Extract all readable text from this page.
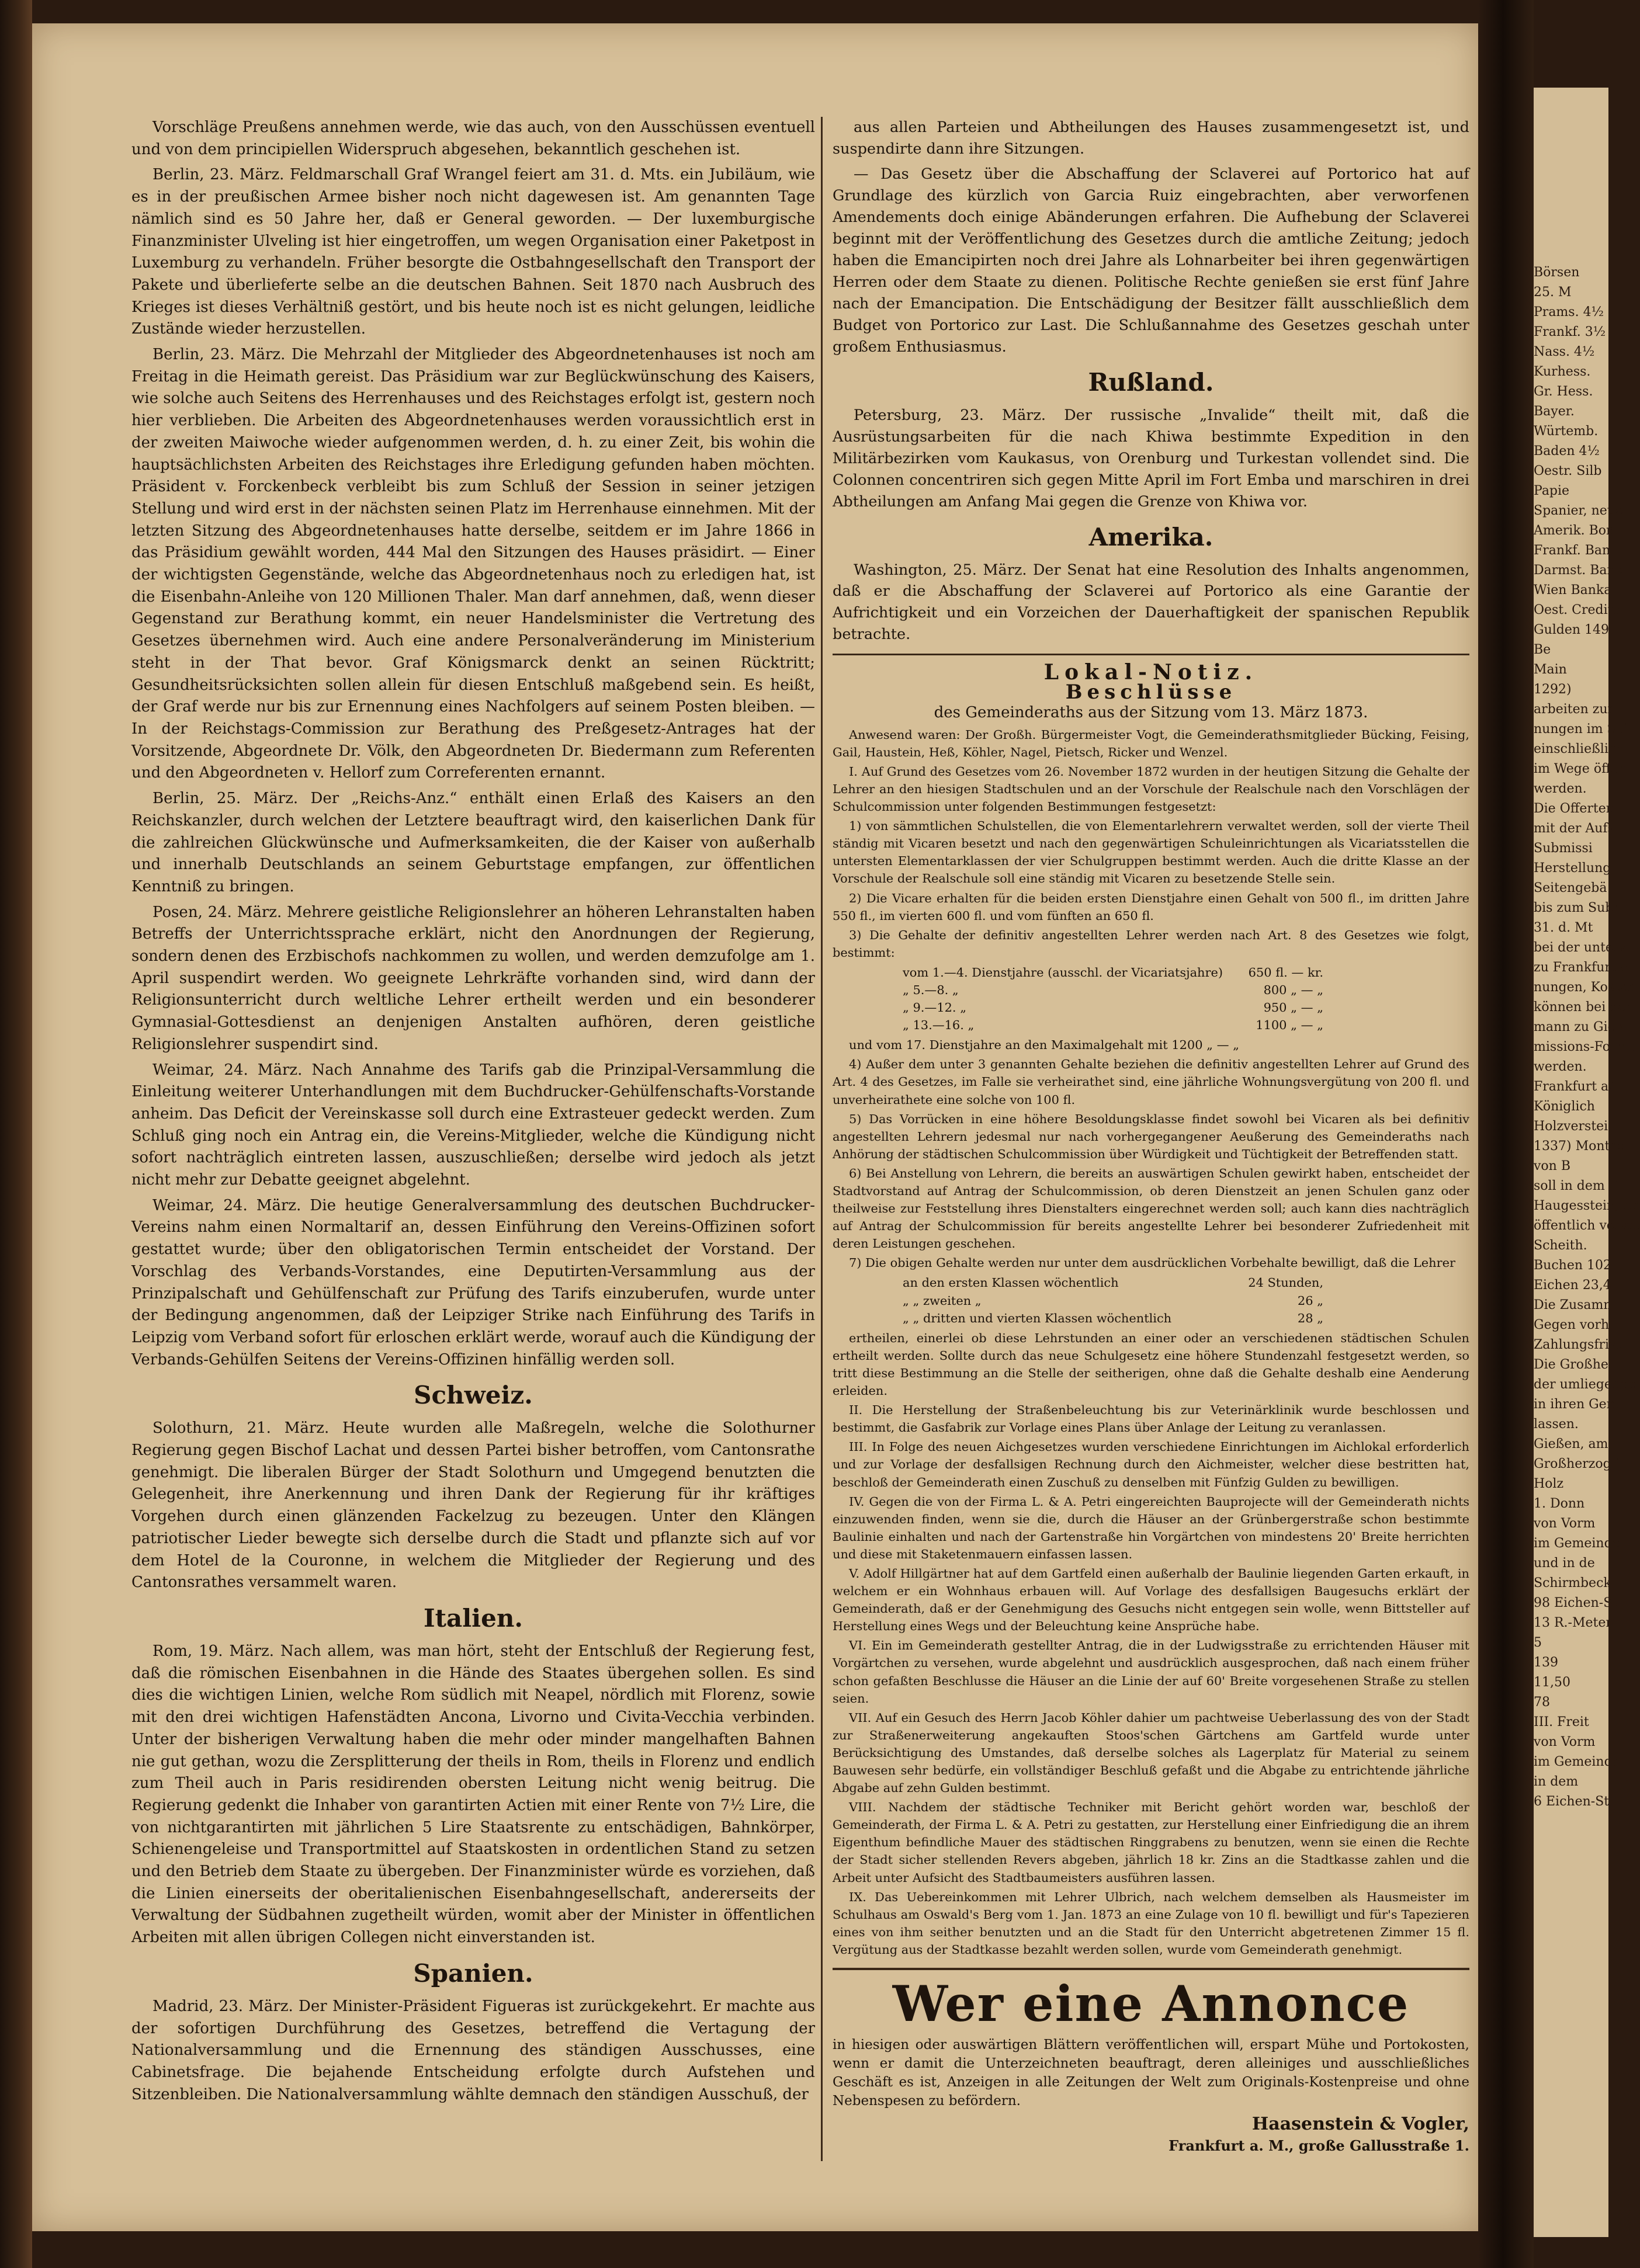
Börsen
25. M
Prams. 4½
Frankf. 3½
Nass. 4½
Kurhess.
Gr. Hess.
Bayer.
Würtemb.
Baden 4½
Oestr. Silb
Papie
Spanier, neue
Amerik. Bon
Frankf. Ban
Darmst. Bank
Wien Banka
Oest. Credita
Gulden 149
Be
Main
1292)
arbeiten zur
nungen im Sei
einschließlich
im Wege öffen
werden.
Die Offerten
mit der Aufs
Submissi
Herstellung
Seitengebä
bis zum Subm
31. d. Mt
bei der unterz
zu Frankfurt a
nungen, Kosten
können bei dem
mann zu Gieß
missions-Formu
werden.
Frankfurt a/
Königlich
Holzverstei
1337) Montag
von B
soll in dem G
Haugesstein, no
öffentlich verste
Scheith.
Buchen 102
Eichen 23,4
Die Zusamm
Gegen vorh
Zahlungsfrist
Die Großhe
der umliegende
in ihren Gem
lassen.
Gießen, am
Großherzogli
Holz
1. Donn
von Vorm
im Gemeinde
und in de
Schirmbeck
98 Eichen-St
13 R.-Meter
5
139
11,50
78
III. Freit
von Vorm
im Gemeinde
in dem
6 Eichen-St

Vorschläge Preußens annehmen werde, wie das auch, von den Ausschüssen eventuell und von dem principiellen Widerspruch abgesehen, bekanntlich geschehen ist.

Berlin, 23. März. Feldmarschall Graf Wrangel feiert am 31. d. Mts. ein Jubiläum, wie es in der preußischen Armee bisher noch nicht dagewesen ist. Am genannten Tage nämlich sind es 50 Jahre her, daß er General geworden. — Der luxemburgische Finanzminister Ulveling ist hier eingetroffen, um wegen Organisation einer Paketpost in Luxemburg zu verhandeln. Früher besorgte die Ostbahngesellschaft den Transport der Pakete und überlieferte selbe an die deutschen Bahnen. Seit 1870 nach Ausbruch des Krieges ist dieses Verhältniß gestört, und bis heute noch ist es nicht gelungen, leidliche Zustände wieder herzustellen.

Berlin, 23. März. Die Mehrzahl der Mitglieder des Abgeordnetenhauses ist noch am Freitag in die Heimath gereist. Das Präsidium war zur Beglückwünschung des Kaisers, wie solche auch Seitens des Herrenhauses und des Reichstages erfolgt ist, gestern noch hier verblieben. Die Arbeiten des Abgeordnetenhauses werden voraussichtlich erst in der zweiten Maiwoche wieder aufgenommen werden, d. h. zu einer Zeit, bis wohin die hauptsächlichsten Arbeiten des Reichstages ihre Erledigung gefunden haben möchten. Präsident v. Forckenbeck verbleibt bis zum Schluß der Session in seiner jetzigen Stellung und wird erst in der nächsten seinen Platz im Herrenhause einnehmen. Mit der letzten Sitzung des Abgeordnetenhauses hatte derselbe, seitdem er im Jahre 1866 in das Präsidium gewählt worden, 444 Mal den Sitzungen des Hauses präsidirt. — Einer der wichtigsten Gegenstände, welche das Abgeordnetenhaus noch zu erledigen hat, ist die Eisenbahn-Anleihe von 120 Millionen Thaler. Man darf annehmen, daß, wenn dieser Gegenstand zur Berathung kommt, ein neuer Handelsminister die Vertretung des Gesetzes übernehmen wird. Auch eine andere Personalveränderung im Ministerium steht in der That bevor. Graf Königsmarck denkt an seinen Rücktritt; Gesundheitsrücksichten sollen allein für diesen Entschluß maßgebend sein. Es heißt, der Graf werde nur bis zur Ernennung eines Nachfolgers auf seinem Posten bleiben. — In der Reichstags-Commission zur Berathung des Preßgesetz-Antrages hat der Vorsitzende, Abgeordnete Dr. Völk, den Abgeordneten Dr. Biedermann zum Referenten und den Abgeordneten v. Hellorf zum Correferenten ernannt.

Berlin, 25. März. Der „Reichs-Anz.“ enthält einen Erlaß des Kaisers an den Reichskanzler, durch welchen der Letztere beauftragt wird, den kaiserlichen Dank für die zahlreichen Glückwünsche und Aufmerksamkeiten, die der Kaiser von außerhalb und innerhalb Deutschlands an seinem Geburtstage empfangen, zur öffentlichen Kenntniß zu bringen.

Posen, 24. März. Mehrere geistliche Religionslehrer an höheren Lehranstalten haben Betreffs der Unterrichtssprache erklärt, nicht den Anordnungen der Regierung, sondern denen des Erzbischofs nachkommen zu wollen, und werden demzufolge am 1. April suspendirt werden. Wo geeignete Lehrkräfte vorhanden sind, wird dann der Religionsunterricht durch weltliche Lehrer ertheilt werden und ein besonderer Gymnasial-Gottesdienst an denjenigen Anstalten aufhören, deren geistliche Religionslehrer suspendirt sind.

Weimar, 24. März. Nach Annahme des Tarifs gab die Prinzipal-Versammlung die Einleitung weiterer Unterhandlungen mit dem Buchdrucker-Gehülfenschafts-Vorstande anheim. Das Deficit der Vereinskasse soll durch eine Extrasteuer gedeckt werden. Zum Schluß ging noch ein Antrag ein, die Vereins-Mitglieder, welche die Kündigung nicht sofort nachträglich eintreten lassen, auszuschließen; derselbe wird jedoch als jetzt nicht mehr zur Debatte geeignet abgelehnt.

Weimar, 24. März. Die heutige Generalversammlung des deutschen Buchdrucker-Vereins nahm einen Normaltarif an, dessen Einführung den Vereins-Offizinen sofort gestattet wurde; über den obligatorischen Termin entscheidet der Vorstand. Der Vorschlag des Verbands-Vorstandes, eine Deputirten-Versammlung aus der Prinzipalschaft und Gehülfenschaft zur Prüfung des Tarifs einzuberufen, wurde unter der Bedingung angenommen, daß der Leipziger Strike nach Einführung des Tarifs in Leipzig vom Verband sofort für erloschen erklärt werde, worauf auch die Kündigung der Verbands-Gehülfen Seitens der Vereins-Offizinen hinfällig werden soll.

Schweiz.

Solothurn, 21. März. Heute wurden alle Maßregeln, welche die Solothurner Regierung gegen Bischof Lachat und dessen Partei bisher betroffen, vom Cantonsrathe genehmigt. Die liberalen Bürger der Stadt Solothurn und Umgegend benutzten die Gelegenheit, ihre Anerkennung und ihren Dank der Regierung für ihr kräftiges Vorgehen durch einen glänzenden Fackelzug zu bezeugen. Unter den Klängen patriotischer Lieder bewegte sich derselbe durch die Stadt und pflanzte sich auf vor dem Hotel de la Couronne, in welchem die Mitglieder der Regierung und des Cantonsrathes versammelt waren.

Italien.

Rom, 19. März. Nach allem, was man hört, steht der Entschluß der Regierung fest, daß die römischen Eisenbahnen in die Hände des Staates übergehen sollen. Es sind dies die wichtigen Linien, welche Rom südlich mit Neapel, nördlich mit Florenz, sowie mit den drei wichtigen Hafenstädten Ancona, Livorno und Civita-Vecchia verbinden. Unter der bisherigen Verwaltung haben die mehr oder minder mangelhaften Bahnen nie gut gethan, wozu die Zersplitterung der theils in Rom, theils in Florenz und endlich zum Theil auch in Paris residirenden obersten Leitung nicht wenig beitrug. Die Regierung gedenkt die Inhaber von garantirten Actien mit einer Rente von 7½ Lire, die von nichtgarantirten mit jährlichen 5 Lire Staatsrente zu entschädigen, Bahnkörper, Schienengeleise und Transportmittel auf Staatskosten in ordentlichen Stand zu setzen und den Betrieb dem Staate zu übergeben. Der Finanzminister würde es vorziehen, daß die Linien einerseits der oberitalienischen Eisenbahngesellschaft, andererseits der Verwaltung der Südbahnen zugetheilt würden, womit aber der Minister in öffentlichen Arbeiten mit allen übrigen Collegen nicht einverstanden ist.

Spanien.

Madrid, 23. März. Der Minister-Präsident Figueras ist zurückgekehrt. Er machte aus der sofortigen Durchführung des Gesetzes, betreffend die Vertagung der Nationalversammlung und die Ernennung des ständigen Ausschusses, eine Cabinetsfrage. Die bejahende Entscheidung erfolgte durch Aufstehen und Sitzenbleiben. Die Nationalversammlung wählte demnach den ständigen Ausschuß, der

aus allen Parteien und Abtheilungen des Hauses zusammengesetzt ist, und suspendirte dann ihre Sitzungen.

— Das Gesetz über die Abschaffung der Sclaverei auf Portorico hat auf Grundlage des kürzlich von Garcia Ruiz eingebrachten, aber verworfenen Amendements doch einige Abänderungen erfahren. Die Aufhebung der Sclaverei beginnt mit der Veröffentlichung des Gesetzes durch die amtliche Zeitung; jedoch haben die Emancipirten noch drei Jahre als Lohnarbeiter bei ihren gegenwärtigen Herren oder dem Staate zu dienen. Politische Rechte genießen sie erst fünf Jahre nach der Emancipation. Die Entschädigung der Besitzer fällt ausschließlich dem Budget von Portorico zur Last. Die Schlußannahme des Gesetzes geschah unter großem Enthusiasmus.

Rußland.

Petersburg, 23. März. Der russische „Invalide“ theilt mit, daß die Ausrüstungsarbeiten für die nach Khiwa bestimmte Expedition in den Militärbezirken vom Kaukasus, von Orenburg und Turkestan vollendet sind. Die Colonnen concentriren sich gegen Mitte April im Fort Emba und marschiren in drei Abtheilungen am Anfang Mai gegen die Grenze von Khiwa vor.

Amerika.

Washington, 25. März. Der Senat hat eine Resolution des Inhalts angenommen, daß er die Abschaffung der Sclaverei auf Portorico als eine Garantie der Aufrichtigkeit und ein Vorzeichen der Dauerhaftigkeit der spanischen Republik betrachte.

Lokal-Notiz.
Beschlüsse
des Gemeinderaths aus der Sitzung vom 13. März 1873.

Anwesend waren: Der Großh. Bürgermeister Vogt, die Gemeinderathsmitglieder Bücking, Feising, Gail, Haustein, Heß, Köhler, Nagel, Pietsch, Ricker und Wenzel.

I. Auf Grund des Gesetzes vom 26. November 1872 wurden in der heutigen Sitzung die Gehalte der Lehrer an den hiesigen Stadtschulen und an der Vorschule der Realschule nach den Vorschlägen der Schulcommission unter folgenden Bestimmungen festgesetzt:

1) von sämmtlichen Schulstellen, die von Elementarlehrern verwaltet werden, soll der vierte Theil ständig mit Vicaren besetzt und nach den gegenwärtigen Schuleinrichtungen als Vicariatsstellen die untersten Elementarklassen der vier Schulgruppen bestimmt werden. Auch die dritte Klasse an der Vorschule der Realschule soll eine ständig mit Vicaren zu besetzende Stelle sein.

2) Die Vicare erhalten für die beiden ersten Dienstjahre einen Gehalt von 500 fl., im dritten Jahre 550 fl., im vierten 600 fl. und vom fünften an 650 fl.

3) Die Gehalte der definitiv angestellten Lehrer werden nach Art. 8 des Gesetzes wie folgt, bestimmt:

vom 1.—4. Dienstjahre (ausschl. der Vicariatsjahre) 650 fl. — kr.
„ 5.—8. „	800 „ — „
„ 9.—12. „	950 „ — „
„ 13.—16. „	1100 „ — „

und vom 17. Dienstjahre an den Maximalgehalt mit 1200 „ — „

4) Außer dem unter 3 genannten Gehalte beziehen die definitiv angestellten Lehrer auf Grund des Art. 4 des Gesetzes, im Falle sie verheirathet sind, eine jährliche Wohnungsvergütung von 200 fl. und unverheirathete eine solche von 100 fl.

5) Das Vorrücken in eine höhere Besoldungsklasse findet sowohl bei Vicaren als bei definitiv angestellten Lehrern jedesmal nur nach vorhergegangener Aeußerung des Gemeinderaths nach Anhörung der städtischen Schulcommission über Würdigkeit und Tüchtigkeit der Betreffenden statt.

6) Bei Anstellung von Lehrern, die bereits an auswärtigen Schulen gewirkt haben, entscheidet der Stadtvorstand auf Antrag der Schulcommission, ob deren Dienstzeit an jenen Schulen ganz oder theilweise zur Feststellung ihres Dienstalters eingerechnet werden soll; auch kann dies nachträglich auf Antrag der Schulcommission für bereits angestellte Lehrer bei besonderer Zufriedenheit mit deren Leistungen geschehen.

7) Die obigen Gehalte werden nur unter dem ausdrücklichen Vorbehalte bewilligt, daß die Lehrer

an den ersten Klassen wöchentlich	24 Stunden,
„ „ zweiten „	26 „
„ „ dritten und vierten Klassen wöchentlich	28 „

ertheilen, einerlei ob diese Lehrstunden an einer oder an verschiedenen städtischen Schulen ertheilt werden. Sollte durch das neue Schulgesetz eine höhere Stundenzahl festgesetzt werden, so tritt diese Bestimmung an die Stelle der seitherigen, ohne daß die Gehalte deshalb eine Aenderung erleiden.

II. Die Herstellung der Straßenbeleuchtung bis zur Veterinärklinik wurde beschlossen und bestimmt, die Gasfabrik zur Vorlage eines Plans über Anlage der Leitung zu veranlassen.

III. In Folge des neuen Aichgesetzes wurden verschiedene Einrichtungen im Aichlokal erforderlich und zur Vorlage der desfallsigen Rechnung durch den Aichmeister, welcher diese bestritten hat, beschloß der Gemeinderath einen Zuschuß zu denselben mit Fünfzig Gulden zu bewilligen.

IV. Gegen die von der Firma L. & A. Petri eingereichten Bauprojecte will der Gemeinderath nichts einzuwenden finden, wenn sie die, durch die Häuser an der Grünbergerstraße schon bestimmte Baulinie einhalten und nach der Gartenstraße hin Vorgärtchen von mindestens 20' Breite herrichten und diese mit Staketenmauern einfassen lassen.

V. Adolf Hillgärtner hat auf dem Gartfeld einen außerhalb der Baulinie liegenden Garten erkauft, in welchem er ein Wohnhaus erbauen will. Auf Vorlage des desfallsigen Baugesuchs erklärt der Gemeinderath, daß er der Genehmigung des Gesuchs nicht entgegen sein wolle, wenn Bittsteller auf Herstellung eines Wegs und der Beleuchtung keine Ansprüche habe.

VI. Ein im Gemeinderath gestellter Antrag, die in der Ludwigsstraße zu errichtenden Häuser mit Vorgärtchen zu versehen, wurde abgelehnt und ausdrücklich ausgesprochen, daß nach einem früher schon gefaßten Beschlusse die Häuser an die Linie der auf 60' Breite vorgesehenen Straße zu stellen seien.

VII. Auf ein Gesuch des Herrn Jacob Köhler dahier um pachtweise Ueberlassung des von der Stadt zur Straßenerweiterung angekauften Stoos'schen Gärtchens am Gartfeld wurde unter Berücksichtigung des Umstandes, daß derselbe solches als Lagerplatz für Material zu seinem Bauwesen sehr bedürfe, ein vollständiger Beschluß gefaßt und die Abgabe zu entrichtende jährliche Abgabe auf zehn Gulden bestimmt.

VIII. Nachdem der städtische Techniker mit Bericht gehört worden war, beschloß der Gemeinderath, der Firma L. & A. Petri zu gestatten, zur Herstellung einer Einfriedigung die an ihrem Eigenthum befindliche Mauer des städtischen Ringgrabens zu benutzen, wenn sie einen die Rechte der Stadt sicher stellenden Revers abgeben, jährlich 18 kr. Zins an die Stadtkasse zahlen und die Arbeit unter Aufsicht des Stadtbaumeisters ausführen lassen.

IX. Das Uebereinkommen mit Lehrer Ulbrich, nach welchem demselben als Hausmeister im Schulhaus am Oswald's Berg vom 1. Jan. 1873 an eine Zulage von 10 fl. bewilligt und für's Tapezieren eines von ihm seither benutzten und an die Stadt für den Unterricht abgetretenen Zimmer 15 fl. Vergütung aus der Stadtkasse bezahlt werden sollen, wurde vom Gemeinderath genehmigt.

Wer eine Annonce

in hiesigen oder auswärtigen Blättern veröffentlichen will, erspart Mühe und Portokosten, wenn er damit die Unterzeichneten beauftragt, deren alleiniges und ausschließliches Geschäft es ist, Anzeigen in alle Zeitungen der Welt zum Originals-Kostenpreise und ohne Nebenspesen zu befördern.

Haasenstein & Vogler,
Frankfurt a. M., große Gallusstraße 1.
